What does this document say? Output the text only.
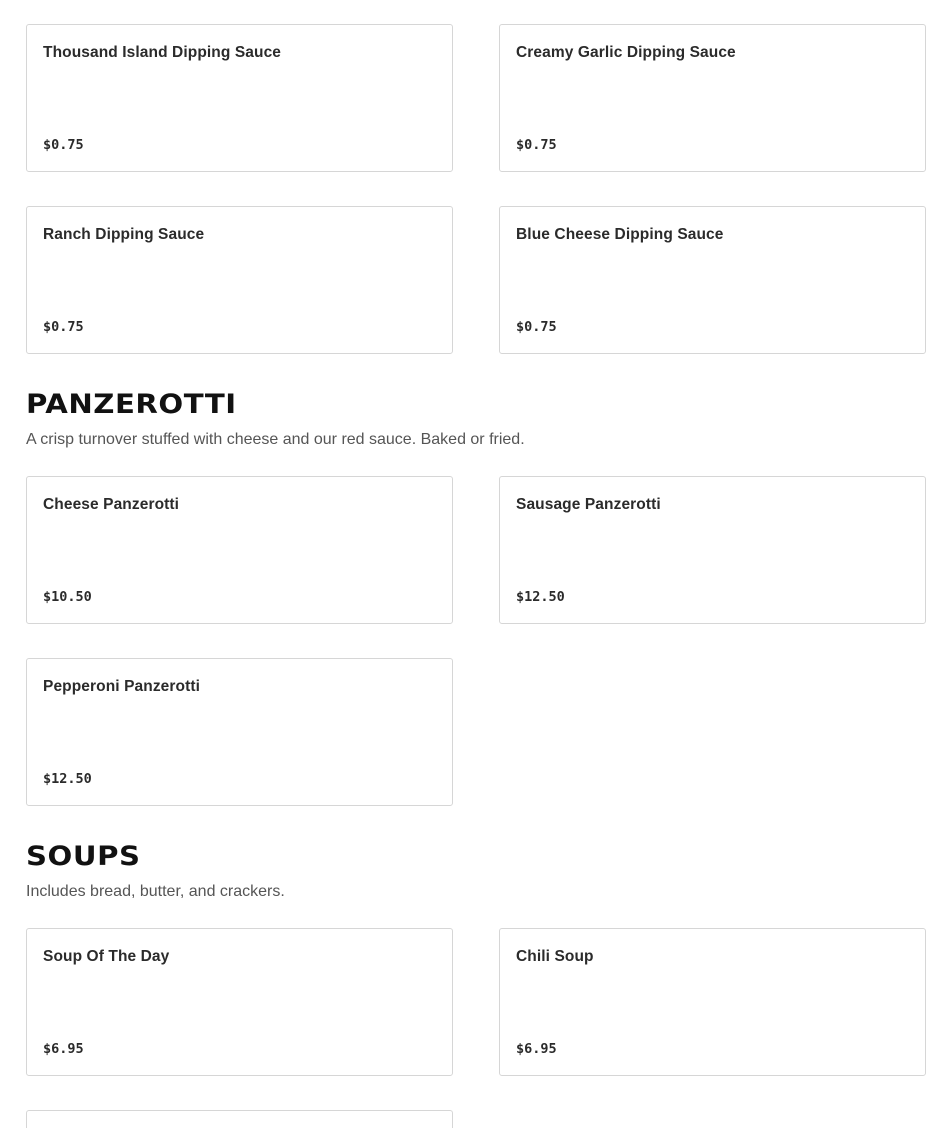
Thousand Island Dipping Sauce
$0.75
Creamy Garlic Dipping Sauce
$0.75
Ranch Dipping Sauce
$0.75
Blue Cheese Dipping Sauce
$0.75
PANZEROTTI

A crisp turnover stuffed with cheese and our red sauce. Baked or fried.

Cheese Panzerotti
$10.50
Sausage Panzerotti
$12.50
Pepperoni Panzerotti
$12.50
SOUPS

Includes bread, butter, and crackers.

Soup Of The Day
$6.95
Chili Soup
$6.95
